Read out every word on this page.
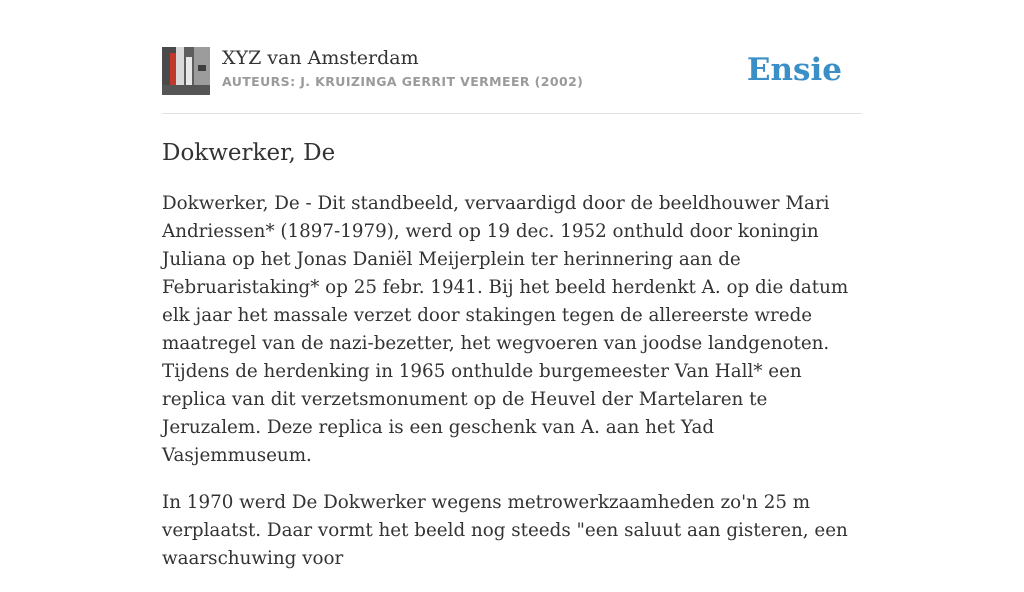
XYZ van Amsterdam
AUTEURS: J. KRUIZINGA GERRIT VERMEER (2002)	Ensie
Dokwerker, De

Dokwerker, De - Dit standbeeld, vervaardigd door de beeldhouwer Mari Andriessen* (1897-1979), werd op 19 dec. 1952 onthuld door koningin Juliana op het Jonas Daniël Meijerplein ter herinnering aan de Februaristaking* op 25 febr. 1941. Bij het beeld herdenkt A. op die datum elk jaar het massale verzet door stakingen tegen de allereerste wrede maatregel van de nazi-bezetter, het wegvoeren van joodse landgenoten. Tijdens de herdenking in 1965 onthulde burgemeester Van Hall* een replica van dit verzetsmonument op de Heuvel der Martelaren te Jeruzalem. Deze replica is een geschenk van A. aan het Yad Vasjemmuseum.

In 1970 werd De Dokwerker wegens metrowerkzaamheden zo'n 25 m verplaatst. Daar vormt het beeld nog steeds "een saluut aan gisteren, een waarschuwing voor
